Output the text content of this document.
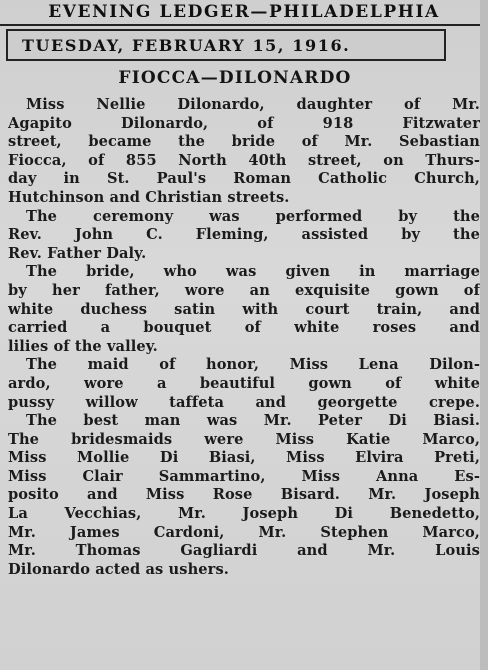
EVENING LEDGER—PHILADELPHIA
TUESDAY, FEBRUARY 15, 1916.
FIOCCA—DILONARDO
Miss Nellie Dilonardo, daughter of Mr.
Agapito Dilonardo, of 918 Fitzwater
street, became the bride of Mr. Sebastian
Fiocca, of 855 North 40th street, on Thurs-
day in St. Paul's Roman Catholic Church,
Hutchinson and Christian streets.
The ceremony was performed by the
Rev. John C. Fleming, assisted by the
Rev. Father Daly.
The bride, who was given in marriage
by her father, wore an exquisite gown of
white duchess satin with court train, and
carried a bouquet of white roses and
lilies of the valley.
The maid of honor, Miss Lena Dilon-
ardo, wore a beautiful gown of white
pussy willow taffeta and georgette crepe.
The best man was Mr. Peter Di Biasi.
The bridesmaids were Miss Katie Marco,
Miss Mollie Di Biasi, Miss Elvira Preti,
Miss Clair Sammartino, Miss Anna Es-
posito and Miss Rose Bisard. Mr. Joseph
La Vecchias, Mr. Joseph Di Benedetto,
Mr. James Cardoni, Mr. Stephen Marco,
Mr. Thomas Gagliardi and Mr. Louis
Dilonardo acted as ushers.
